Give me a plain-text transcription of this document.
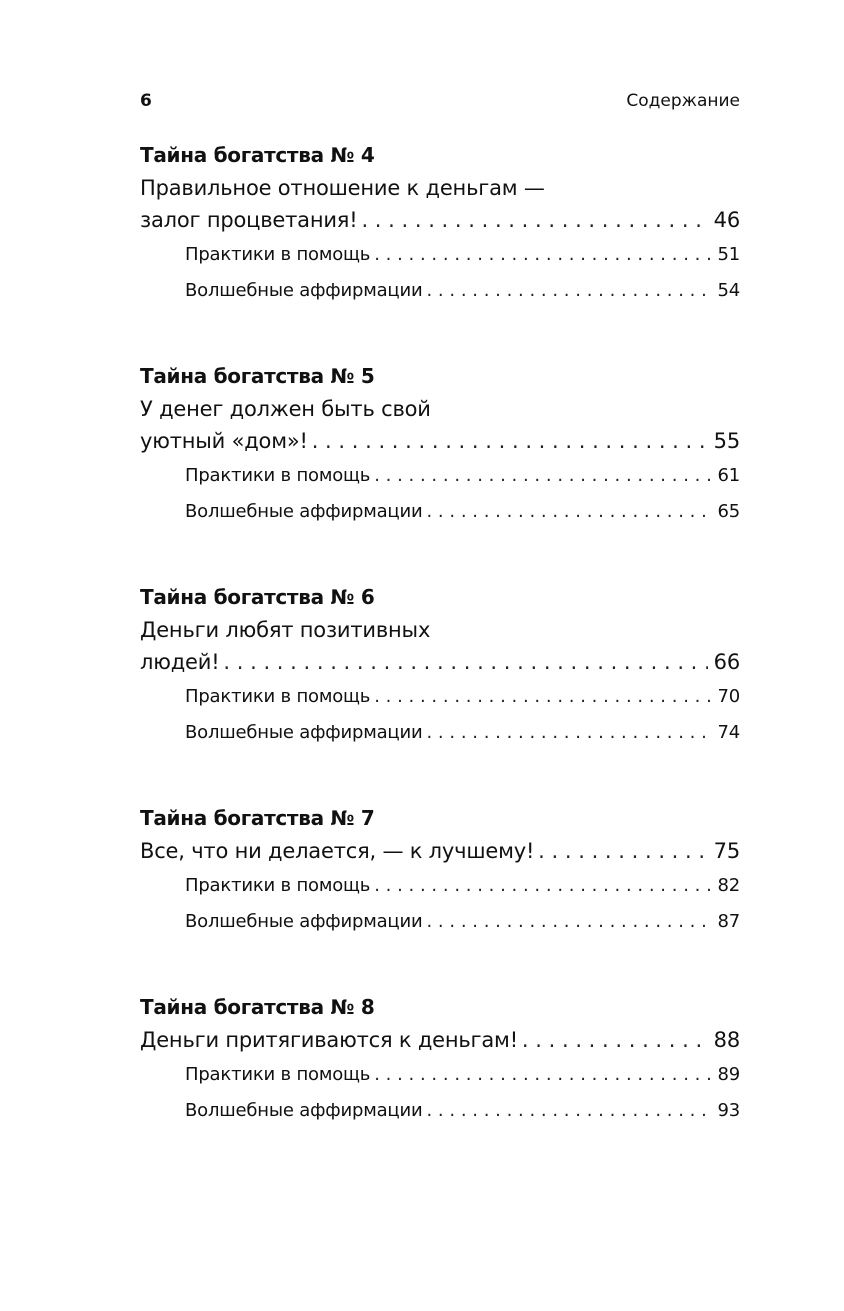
6	Содержание
Тайна богатства № 4
Правильное отношение к деньгам —
залог процветания! . . .	46
Практики в помощь . . .	51
Волшебные аффирмации . . .	54
Тайна богатства № 5
У денег должен быть свой
уютный «дом»! . . .	55
Практики в помощь . . .	61
Волшебные аффирмации . . .	65
Тайна богатства № 6
Деньги любят позитивных
людей! . . .	66
Практики в помощь . . .	70
Волшебные аффирмации . . .	74
Тайна богатства № 7
Все, что ни делается, — к лучшему! . . .	75
Практики в помощь . . .	82
Волшебные аффирмации . . .	87
Тайна богатства № 8
Деньги притягиваются к деньгам! . . .	88
Практики в помощь . . .	89
Волшебные аффирмации . . .	93
